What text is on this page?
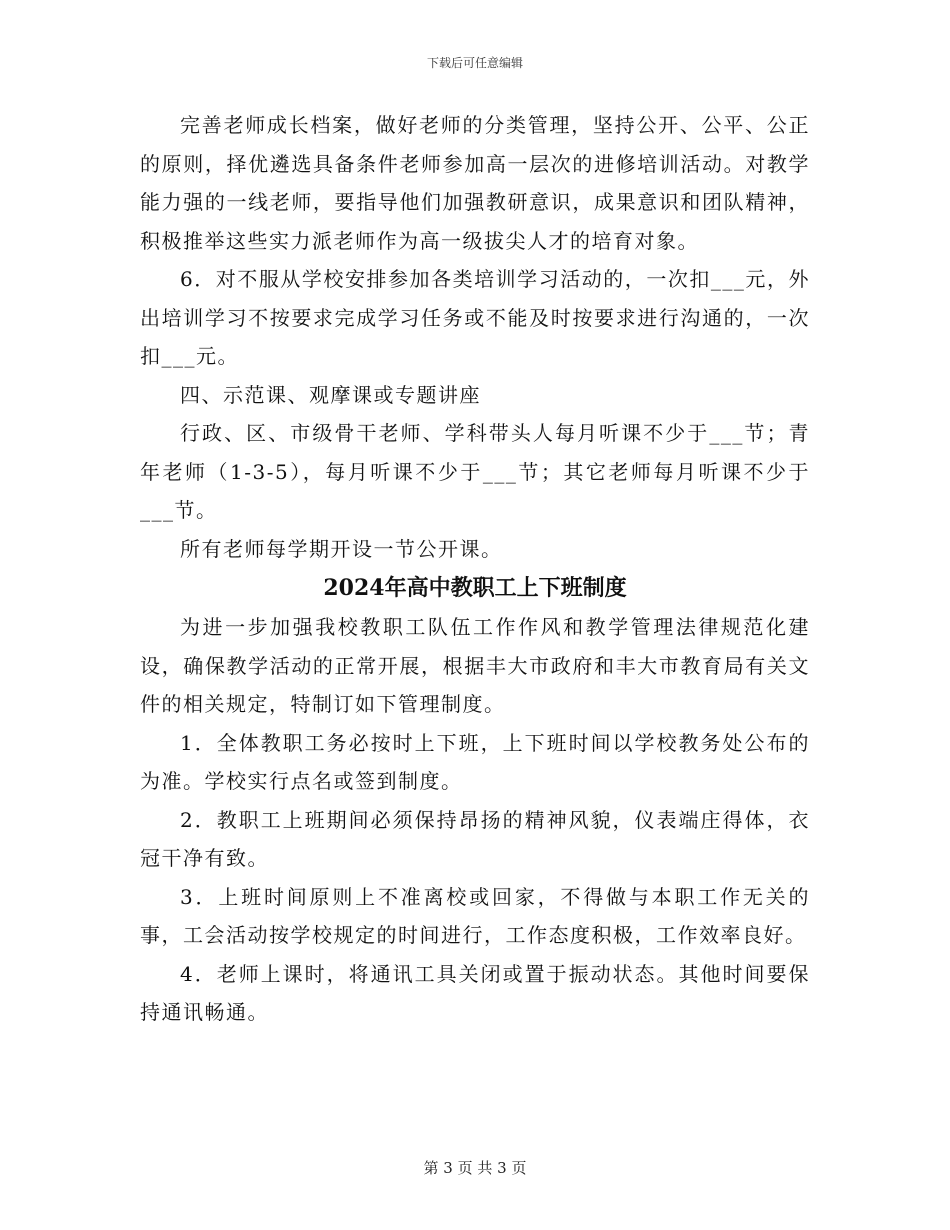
下载后可任意编辑

完善老师成长档案，做好老师的分类管理，坚持公开、公平、公正的原则，择优遴选具备条件老师参加高一层次的进修培训活动。对教学能力强的一线老师，要指导他们加强教研意识，成果意识和团队精神，积极推举这些实力派老师作为高一级拔尖人才的培育对象。

6．对不服从学校安排参加各类培训学习活动的，一次扣___元，外出培训学习不按要求完成学习任务或不能及时按要求进行沟通的，一次扣___元。

四、示范课、观摩课或专题讲座

行政、区、市级骨干老师、学科带头人每月听课不少于___节；青年老师（1-3-5），每月听课不少于___节；其它老师每月听课不少于___节。

所有老师每学期开设一节公开课。

2024年高中教职工上下班制度

为进一步加强我校教职工队伍工作作风和教学管理法律规范化建设，确保教学活动的正常开展，根据丰大市政府和丰大市教育局有关文件的相关规定，特制订如下管理制度。

1．全体教职工务必按时上下班，上下班时间以学校教务处公布的为准。学校实行点名或签到制度。

2．教职工上班期间必须保持昂扬的精神风貌，仪表端庄得体，衣冠干净有致。

3．上班时间原则上不准离校或回家，不得做与本职工作无关的事，工会活动按学校规定的时间进行，工作态度积极，工作效率良好。

4．老师上课时，将通讯工具关闭或置于振动状态。其他时间要保持通讯畅通。

第 3 页 共 3 页
